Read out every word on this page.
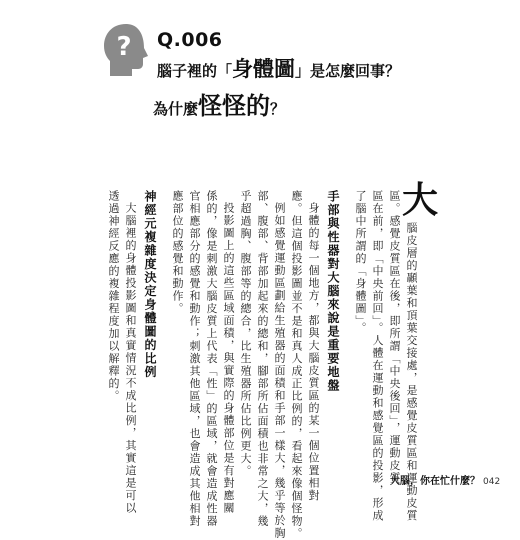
? Q.006
腦子裡的「身體圖」是怎麼回事？
為什麼怪怪的？
大
腦皮層的顳葉和頂葉交接處，是感覺皮質區和運動皮質
區。感覺皮質區在後，即所謂「中央後回」，運動皮質
區在前，即「中央前回」。人體在運動和感覺區的投影，形成
了腦中所謂的「身體圖」。
手部與性器對大腦來說是重要地盤
身體的每一個地方，都與大腦皮質區的某一個位置相對
應。但這個投影圖並不是和真人成正比例的，看起來像個怪物。
例如感覺運動區劃給生殖器的面積和手部一樣大，幾乎等於胸
部、腹部、背部加起來的總和，腳部所佔面積也非常之大，幾
乎超過胸、腹部等的總合，比生殖器所佔比例更大。
投影圖上的這些區域面積，與實際的身體部位是有對應關
係的，像是刺激大腦皮質上代表「性」的區域，就會造成性器
官相應部分的感覺和動作；刺激其他區域，也會造成其他相對
應部位的感覺和動作。
神經元複雜度決定身體圖的比例
大腦裡的身體投影圖和真實情況不成比例，其實這是可以
透過神經反應的複雜程度加以解釋的。
大腦，你在忙什麼？ 042
